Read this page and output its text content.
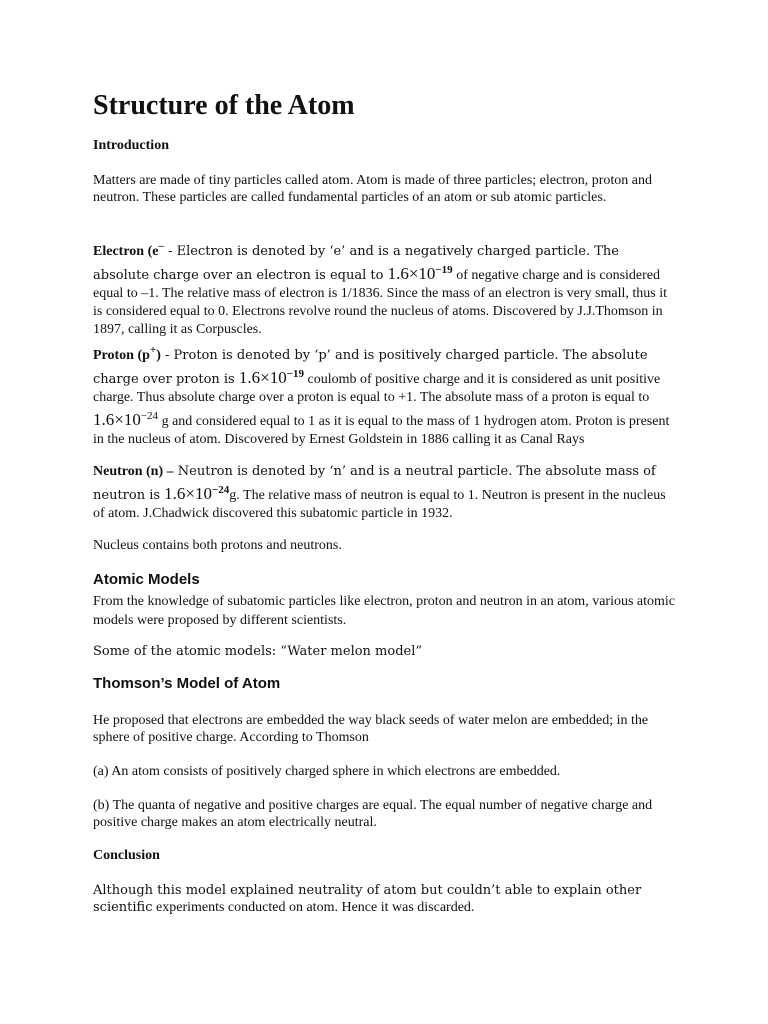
Structure of the Atom
Introduction

Matters are made of tiny particles called atom. Atom is made of three particles; electron, proton and neutron. These particles are called fundamental particles of an atom or sub atomic particles.

Electron (e– - Electron is denoted by ‘e’ and is a negatively charged particle. The absolute charge over an electron is equal to $1.6\times 10^{-19}$ of negative charge and is considered equal to –1. The relative mass of electron is 1/1836. Since the mass of an electron is very small, thus it is considered equal to 0. Electrons revolve round the nucleus of atoms. Discovered by J.J.Thomson in 1897, calling it as Corpuscles.

Proton (p+) - Proton is denoted by ‘p’ and is positively charged particle. The absolute charge over proton is $1.6\times 10^{-19}$ coulomb of positive charge and it is considered as unit positive charge. Thus absolute charge over a proton is equal to +1. The absolute mass of a proton is equal to $1.6\times 10^{-24}$ g and considered equal to 1 as it is equal to the mass of 1 hydrogen atom. Proton is present in the nucleus of atom. Discovered by Ernest Goldstein in 1886 calling it as Canal Rays

Neutron (n) – Neutron is denoted by ‘n’ and is a neutral particle. The absolute mass of neutron is $1.6\times 10^{-24}g$. The relative mass of neutron is equal to 1. Neutron is present in the nucleus of atom. J.Chadwick discovered this subatomic particle in 1932.

Nucleus contains both protons and neutrons.

Atomic Models

From the knowledge of subatomic particles like electron, proton and neutron in an atom, various atomic models were proposed by different scientists.

Some of the atomic models: “Water melon model”

Thomson’s Model of Atom

He proposed that electrons are embedded the way black seeds of water melon are embedded; in the sphere of positive charge. According to Thomson

(a) An atom consists of positively charged sphere in which electrons are embedded.

(b) The quanta of negative and positive charges are equal. The equal number of negative charge and positive charge makes an atom electrically neutral.

Conclusion

Although this model explained neutrality of atom but couldn’t able to explain other scientific experiments conducted on atom. Hence it was discarded.
